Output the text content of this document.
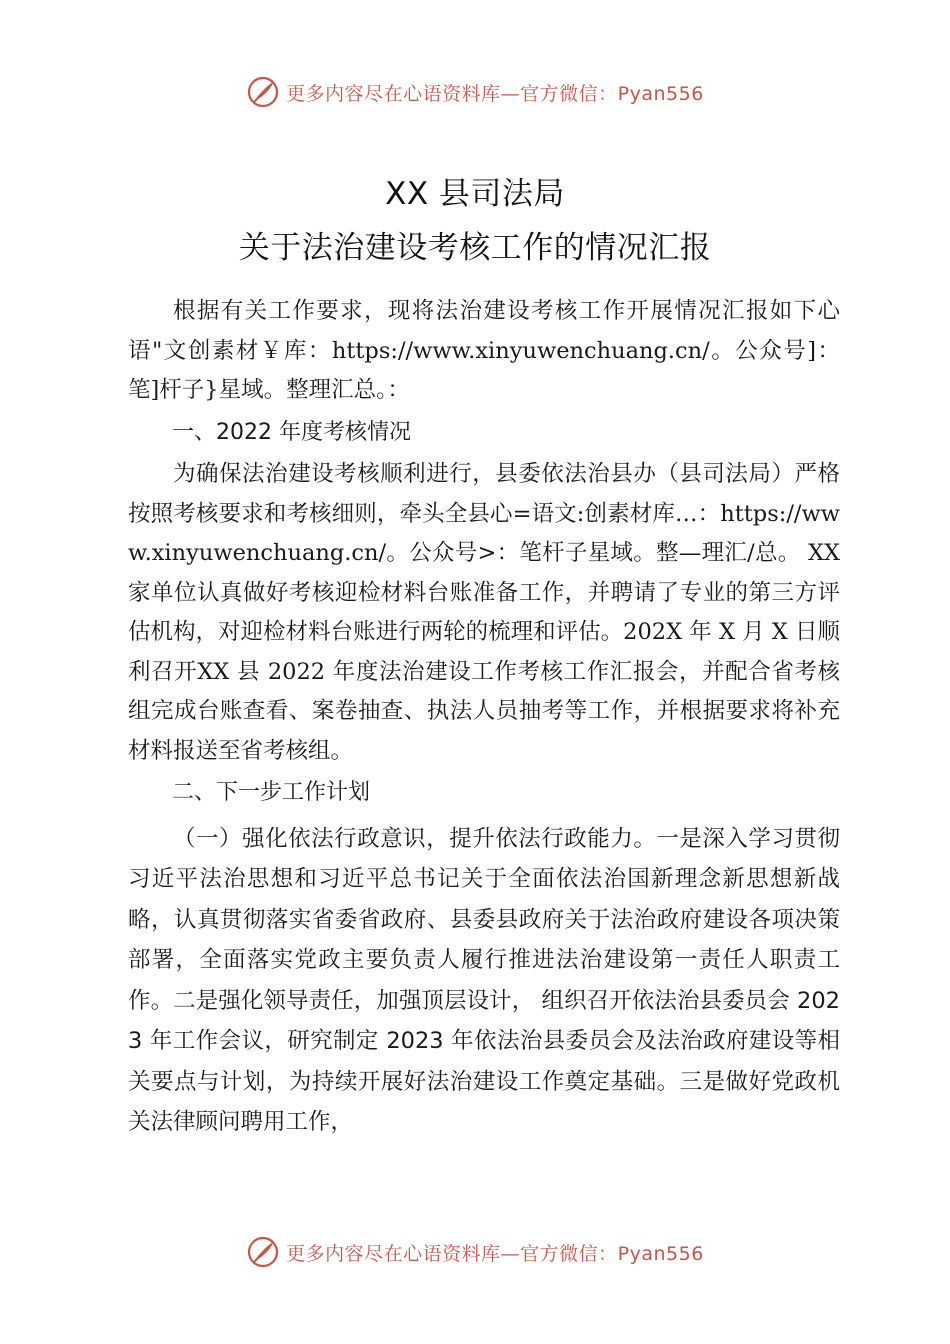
更多内容尽在心语资料库—官方微信：Pyan556
XX 县司法局
关于法治建设考核工作的情况汇报

根据有关工作要求，现将法治建设考核工作开展情况汇报如下心语"文创素材￥库：https://www.xinyuwenchuang.cn/。公众号]：笔]杆子}星域。整理汇总。：

一、2022 年度考核情况

为确保法治建设考核顺利进行，县委依法治县办（县司法局）严格按照考核要求和考核细则，牵头全县心=语文:创素材库…：https://www.xinyuwenchuang.cn/。公众号>：笔杆子星域。整—理汇/总。 XX 家单位认真做好考核迎检材料台账准备工作，并聘请了专业的第三方评估机构，对迎检材料台账进行两轮的梳理和评估。202X 年 X 月 X 日顺利召开XX 县 2022 年度法治建设工作考核工作汇报会，并配合省考核组完成台账查看、案卷抽查、执法人员抽考等工作，并根据要求将补充材料报送至省考核组。

二、下一步工作计划

（一）强化依法行政意识，提升依法行政能力。一是深入学习贯彻习近平法治思想和习近平总书记关于全面依法治国新理念新思想新战略，认真贯彻落实省委省政府、县委县政府关于法治政府建设各项决策部署，全面落实党政主要负责人履行推进法治建设第一责任人职责工作。二是强化领导责任，加强顶层设计， 组织召开依法治县委员会 2023 年工作会议，研究制定 2023 年依法治县委员会及法治政府建设等相关要点与计划，为持续开展好法治建设工作奠定基础。三是做好党政机关法律顾问聘用工作，

更多内容尽在心语资料库—官方微信：Pyan556
